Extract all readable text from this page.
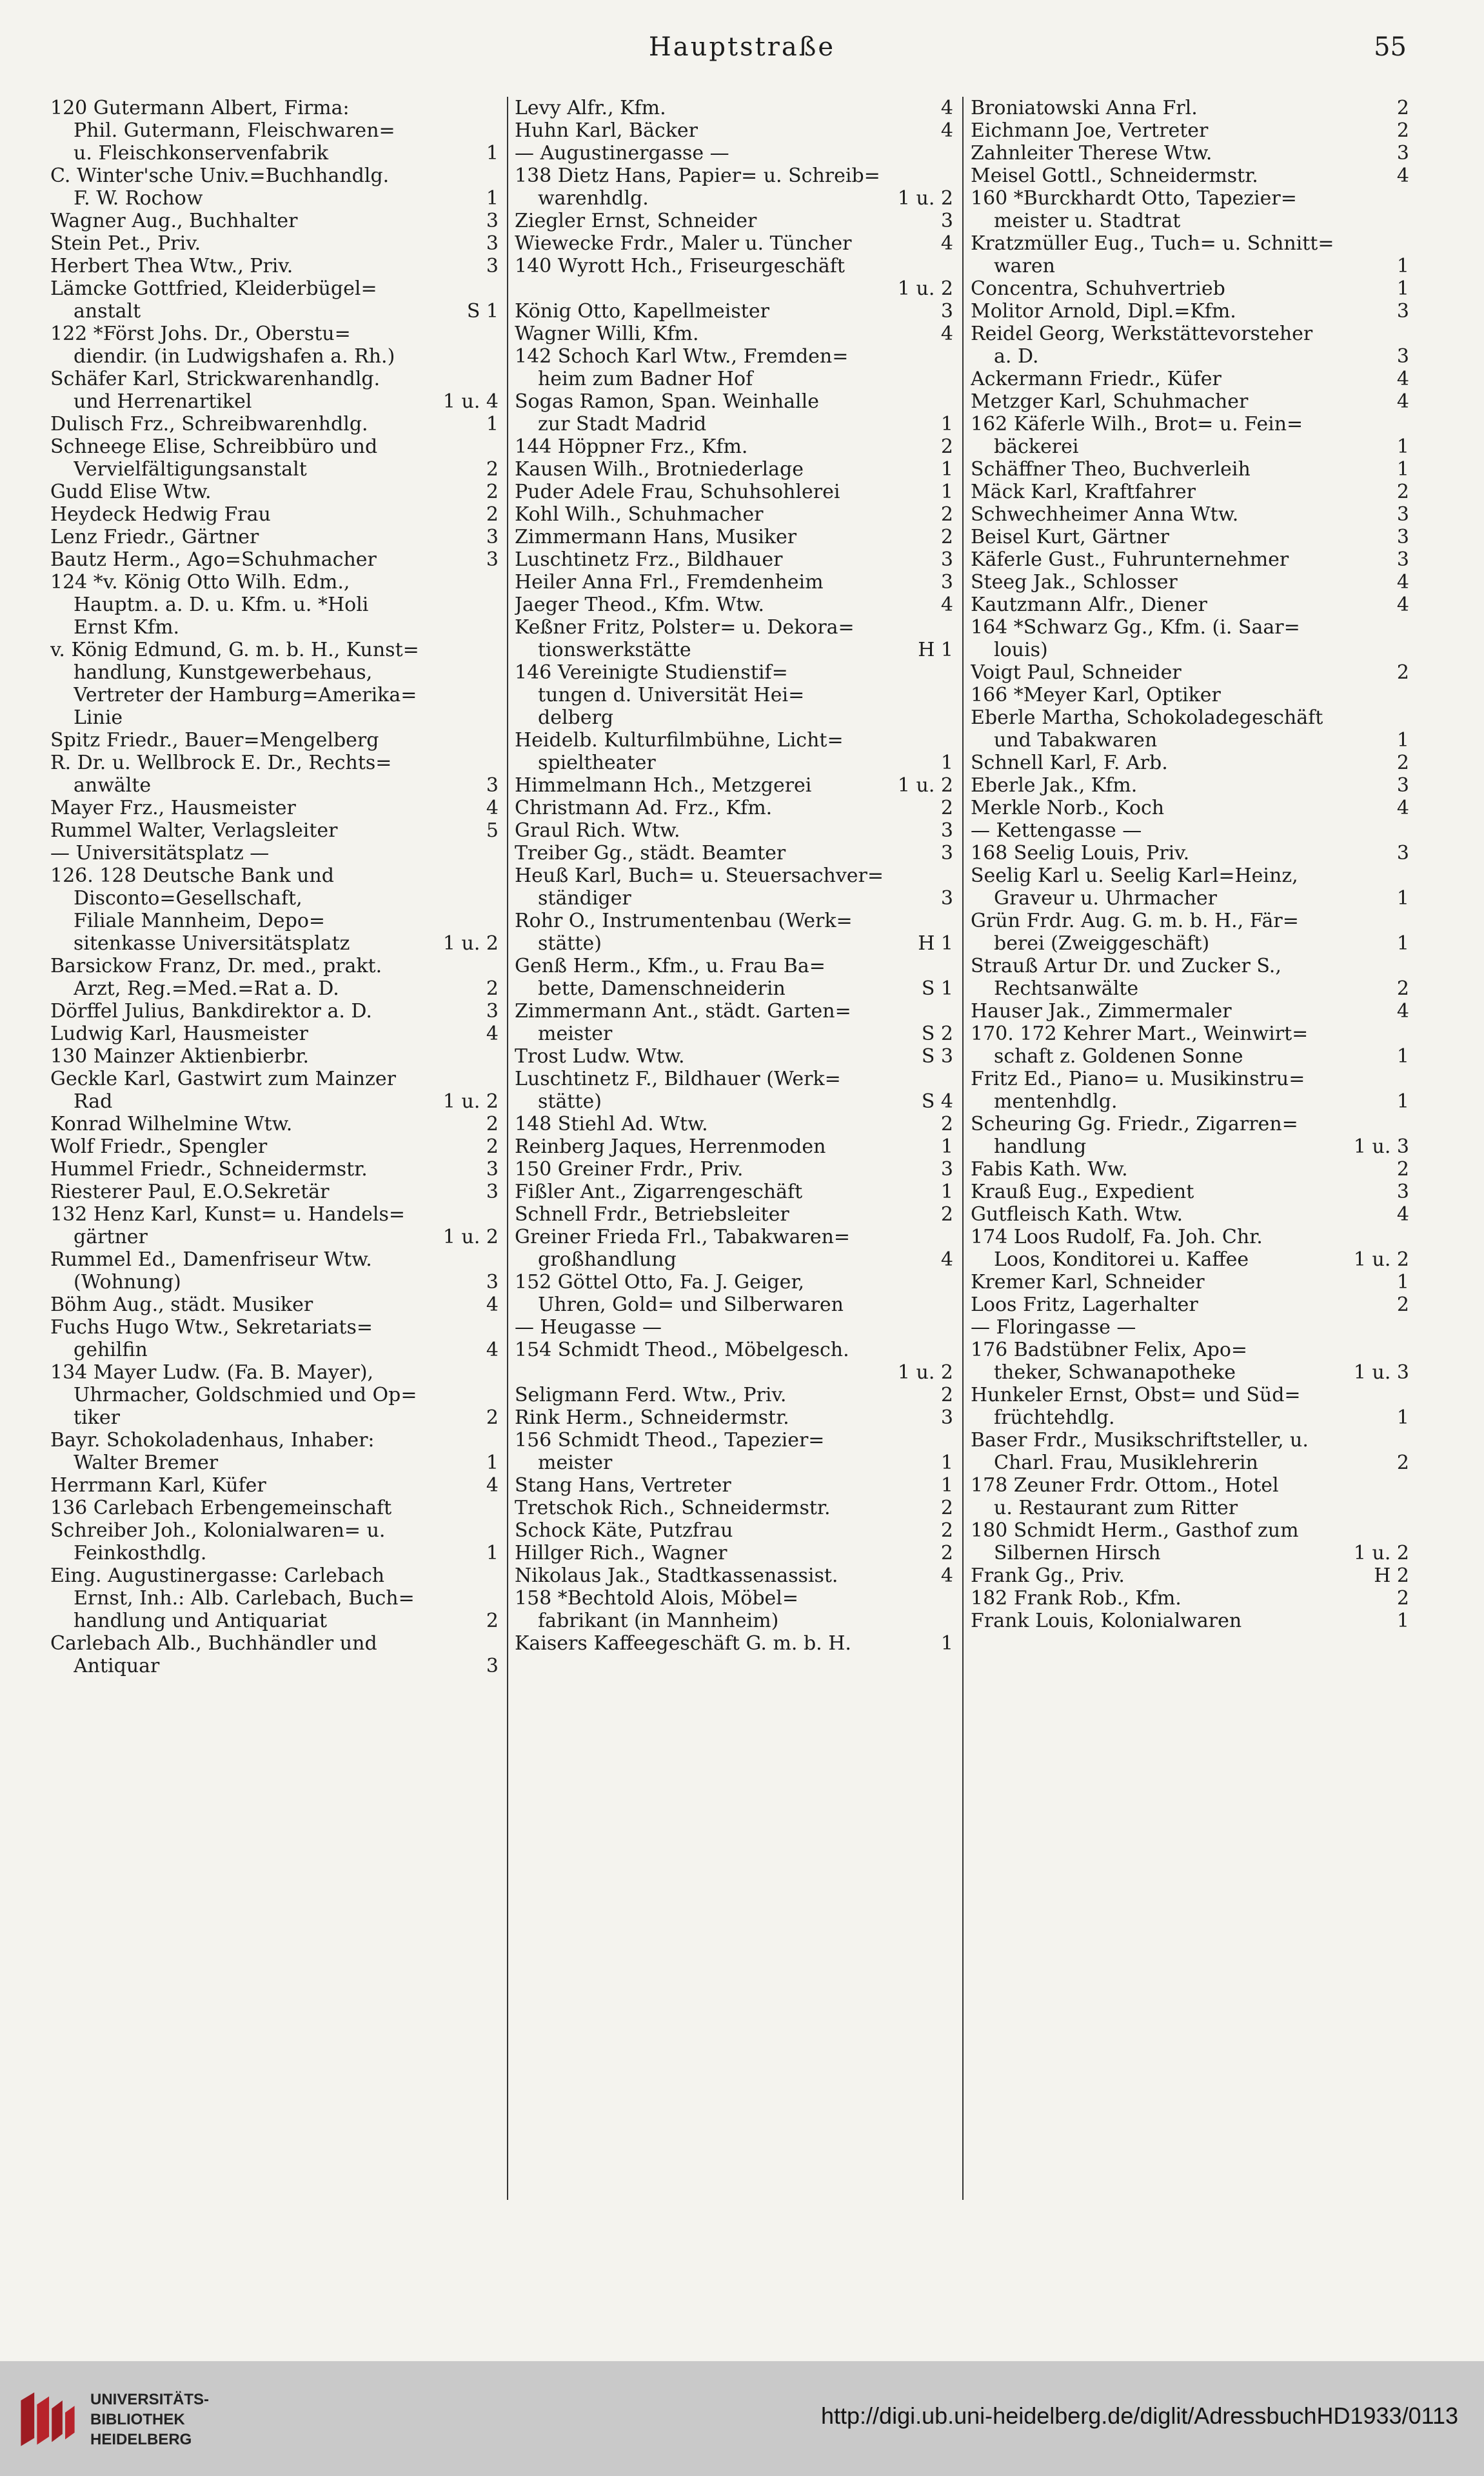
Hauptstraße	55
120 Gutermann Albert, Firma:
Phil. Gutermann, Fleischwaren=
u. Fleischkonservenfabrik	1
C. Winter'sche Univ.=Buchhandlg.
F. W. Rochow	1
Wagner Aug., Buchhalter	3
Stein Pet., Priv.	3
Herbert Thea Wtw., Priv.	3
Lämcke Gottfried, Kleiderbügel=
anstalt	S 1
122 *Först Johs. Dr., Oberstu=
diendir. (in Ludwigshafen a. Rh.)
Schäfer Karl, Strickwarenhandlg.
und Herrenartikel	1 u. 4
Dulisch Frz., Schreibwarenhdlg.	1
Schneege Elise, Schreibbüro und
Vervielfältigungsanstalt	2
Gudd Elise Wtw.	2
Heydeck Hedwig Frau	2
Lenz Friedr., Gärtner	3
Bautz Herm., Ago=Schuhmacher	3
124 *v. König Otto Wilh. Edm.,
Hauptm. a. D. u. Kfm. u. *Holi
Ernst Kfm.
v. König Edmund, G. m. b. H., Kunst=
handlung, Kunstgewerbehaus,
Vertreter der Hamburg=Amerika=
Linie
Spitz Friedr., Bauer=Mengelberg
R. Dr. u. Wellbrock E. Dr., Rechts=
anwälte	3
Mayer Frz., Hausmeister	4
Rummel Walter, Verlagsleiter	5
— Universitätsplatz —
126. 128 Deutsche Bank und
Disconto=Gesellschaft,
Filiale Mannheim, Depo=
sitenkasse Universitätsplatz	1 u. 2
Barsickow Franz, Dr. med., prakt.
Arzt, Reg.=Med.=Rat a. D.	2
Dörffel Julius, Bankdirektor a. D.	3
Ludwig Karl, Hausmeister	4
130 Mainzer Aktienbierbr.
Geckle Karl, Gastwirt zum Mainzer
Rad	1 u. 2
Konrad Wilhelmine Wtw.	2
Wolf Friedr., Spengler	2
Hummel Friedr., Schneidermstr.	3
Riesterer Paul, E.O.Sekretär	3
132 Henz Karl, Kunst= u. Handels=
gärtner	1 u. 2
Rummel Ed., Damenfriseur Wtw.
(Wohnung)	3
Böhm Aug., städt. Musiker	4
Fuchs Hugo Wtw., Sekretariats=
gehilfin	4
134 Mayer Ludw. (Fa. B. Mayer),
Uhrmacher, Goldschmied und Op=
tiker	2
Bayr. Schokoladenhaus, Inhaber:
Walter Bremer	1
Herrmann Karl, Küfer	4
136 Carlebach Erbengemeinschaft
Schreiber Joh., Kolonialwaren= u.
Feinkosthdlg.	1
Eing. Augustinergasse: Carlebach
Ernst, Inh.: Alb. Carlebach, Buch=
handlung und Antiquariat	2
Carlebach Alb., Buchhändler und
Antiquar	3
Levy Alfr., Kfm.	4
Huhn Karl, Bäcker	4
— Augustinergasse —
138 Dietz Hans, Papier= u. Schreib=
warenhdlg.	1 u. 2
Ziegler Ernst, Schneider	3
Wiewecke Frdr., Maler u. Tüncher	4
140 Wyrott Hch., Friseurgeschäft
1 u. 2
König Otto, Kapellmeister	3
Wagner Willi, Kfm.	4
142 Schoch Karl Wtw., Fremden=
heim zum Badner Hof
Sogas Ramon, Span. Weinhalle
zur Stadt Madrid	1
144 Höppner Frz., Kfm.	2
Kausen Wilh., Brotniederlage	1
Puder Adele Frau, Schuhsohlerei	1
Kohl Wilh., Schuhmacher	2
Zimmermann Hans, Musiker	2
Luschtinetz Frz., Bildhauer	3
Heiler Anna Frl., Fremdenheim	3
Jaeger Theod., Kfm. Wtw.	4
Keßner Fritz, Polster= u. Dekora=
tionswerkstätte	H 1
146 Vereinigte Studienstif=
tungen d. Universität Hei=
delberg
Heidelb. Kulturfilmbühne, Licht=
spieltheater	1
Himmelmann Hch., Metzgerei	1 u. 2
Christmann Ad. Frz., Kfm.	2
Graul Rich. Wtw.	3
Treiber Gg., städt. Beamter	3
Heuß Karl, Buch= u. Steuersachver=
ständiger	3
Rohr O., Instrumentenbau (Werk=
stätte)	H 1
Genß Herm., Kfm., u. Frau Ba=
bette, Damenschneiderin	S 1
Zimmermann Ant., städt. Garten=
meister	S 2
Trost Ludw. Wtw.	S 3
Luschtinetz F., Bildhauer (Werk=
stätte)	S 4
148 Stiehl Ad. Wtw.	2
Reinberg Jaques, Herrenmoden	1
150 Greiner Frdr., Priv.	3
Fißler Ant., Zigarrengeschäft	1
Schnell Frdr., Betriebsleiter	2
Greiner Frieda Frl., Tabakwaren=
großhandlung	4
152 Göttel Otto, Fa. J. Geiger,
Uhren, Gold= und Silberwaren
— Heugasse —
154 Schmidt Theod., Möbelgesch.
1 u. 2
Seligmann Ferd. Wtw., Priv.	2
Rink Herm., Schneidermstr.	3
156 Schmidt Theod., Tapezier=
meister	1
Stang Hans, Vertreter	1
Tretschok Rich., Schneidermstr.	2
Schock Käte, Putzfrau	2
Hillger Rich., Wagner	2
Nikolaus Jak., Stadtkassenassist.	4
158 *Bechtold Alois, Möbel=
fabrikant (in Mannheim)
Kaisers Kaffeegeschäft G. m. b. H.	1
Broniatowski Anna Frl.	2
Eichmann Joe, Vertreter	2
Zahnleiter Therese Wtw.	3
Meisel Gottl., Schneidermstr.	4
160 *Burckhardt Otto, Tapezier=
meister u. Stadtrat
Kratzmüller Eug., Tuch= u. Schnitt=
waren	1
Concentra, Schuhvertrieb	1
Molitor Arnold, Dipl.=Kfm.	3
Reidel Georg, Werkstättevorsteher
a. D.	3
Ackermann Friedr., Küfer	4
Metzger Karl, Schuhmacher	4
162 Käferle Wilh., Brot= u. Fein=
bäckerei	1
Schäffner Theo, Buchverleih	1
Mäck Karl, Kraftfahrer	2
Schwechheimer Anna Wtw.	3
Beisel Kurt, Gärtner	3
Käferle Gust., Fuhrunternehmer	3
Steeg Jak., Schlosser	4
Kautzmann Alfr., Diener	4
164 *Schwarz Gg., Kfm. (i. Saar=
louis)
Voigt Paul, Schneider	2
166 *Meyer Karl, Optiker
Eberle Martha, Schokoladegeschäft
und Tabakwaren	1
Schnell Karl, F. Arb.	2
Eberle Jak., Kfm.	3
Merkle Norb., Koch	4
— Kettengasse —
168 Seelig Louis, Priv.	3
Seelig Karl u. Seelig Karl=Heinz,
Graveur u. Uhrmacher	1
Grün Frdr. Aug. G. m. b. H., Fär=
berei (Zweiggeschäft)	1
Strauß Artur Dr. und Zucker S.,
Rechtsanwälte	2
Hauser Jak., Zimmermaler	4
170. 172 Kehrer Mart., Weinwirt=
schaft z. Goldenen Sonne	1
Fritz Ed., Piano= u. Musikinstru=
mentenhdlg.	1
Scheuring Gg. Friedr., Zigarren=
handlung	1 u. 3
Fabis Kath. Ww.	2
Krauß Eug., Expedient	3
Gutfleisch Kath. Wtw.	4
174 Loos Rudolf, Fa. Joh. Chr.
Loos, Konditorei u. Kaffee	1 u. 2
Kremer Karl, Schneider	1
Loos Fritz, Lagerhalter	2
— Floringasse —
176 Badstübner Felix, Apo=
theker, Schwanapotheke	1 u. 3
Hunkeler Ernst, Obst= und Süd=
früchtehdlg.	1
Baser Frdr., Musikschriftsteller, u.
Charl. Frau, Musiklehrerin	2
178 Zeuner Frdr. Ottom., Hotel
u. Restaurant zum Ritter
180 Schmidt Herm., Gasthof zum
Silbernen Hirsch	1 u. 2
Frank Gg., Priv.	H 2
182 Frank Rob., Kfm.	2
Frank Louis, Kolonialwaren	1
UNIVERSITÄTS-
BIBLIOTHEK
HEIDELBERG
http://digi.ub.uni-heidelberg.de/diglit/AdressbuchHD1933/0113
